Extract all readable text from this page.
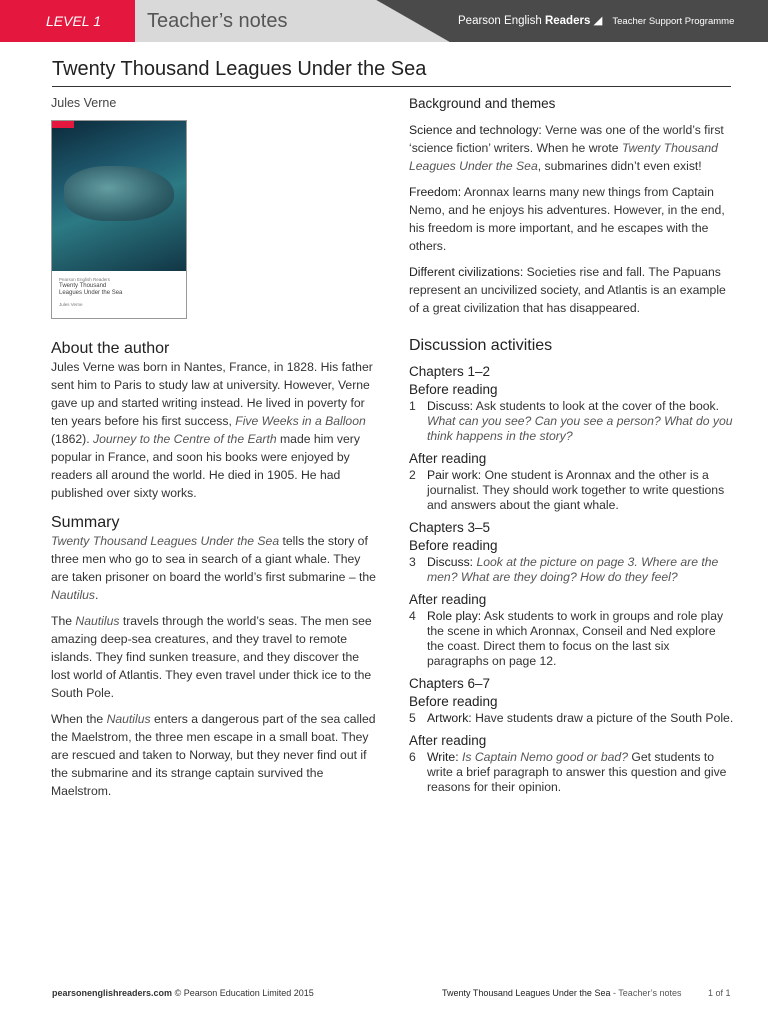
LEVEL 1	Teacher’s notes	Pearson English Readers ◢ Teacher Support Programme
Twenty Thousand Leagues Under the Sea
Jules Verne
Pearson English Readers
Twenty Thousand
Leagues Under the Sea
Jules Verne
About the author

Jules Verne was born in Nantes, France, in 1828. His father sent him to Paris to study law at university. However, Verne gave up and started writing instead. He lived in poverty for ten years before his first success, Five Weeks in a Balloon (1862). Journey to the Centre of the Earth made him very popular in France, and soon his books were enjoyed by readers all around the world. He died in 1905. He had published over sixty works.

Summary

Twenty Thousand Leagues Under the Sea tells the story of three men who go to sea in search of a giant whale. They are taken prisoner on board the world’s first submarine – the Nautilus.

The Nautilus travels through the world’s seas. The men see amazing deep-sea creatures, and they travel to remote islands. They find sunken treasure, and they discover the lost world of Atlantis. They even travel under thick ice to the South Pole.

When the Nautilus enters a dangerous part of the sea called the Maelstrom, the three men escape in a small boat. They are rescued and taken to Norway, but they never find out if the submarine and its strange captain survived the Maelstrom.

Background and themes

Science and technology: Verne was one of the world’s first ‘science fiction’ writers. When he wrote Twenty Thousand Leagues Under the Sea, submarines didn’t even exist!

Freedom: Aronnax learns many new things from Captain Nemo, and he enjoys his adventures. However, in the end, his freedom is more important, and he escapes with the others.

Different civilizations: Societies rise and fall. The Papuans represent an uncivilized society, and Atlantis is an example of a great civilization that has disappeared.

Discussion activities
Chapters 1–2
Before reading
1 Discuss: Ask students to look at the cover of the book. What can you see? Can you see a person? What do you think happens in the story?
After reading
2 Pair work: One student is Aronnax and the other is a journalist. They should work together to write questions and answers about the giant whale.
Chapters 3–5
Before reading
3 Discuss: Look at the picture on page 3. Where are the men? What are they doing? How do they feel?
After reading
4 Role play: Ask students to work in groups and role play the scene in which Aronnax, Conseil and Ned explore the coast. Direct them to focus on the last six paragraphs on page 12.
Chapters 6–7
Before reading
5 Artwork: Have students draw a picture of the South Pole.
After reading
6 Write: Is Captain Nemo good or bad? Get students to write a brief paragraph to answer this question and give reasons for their opinion.
pearsonenglishreaders.com © Pearson Education Limited 2015	Twenty Thousand Leagues Under the Sea - Teacher’s notes	1 of 1
